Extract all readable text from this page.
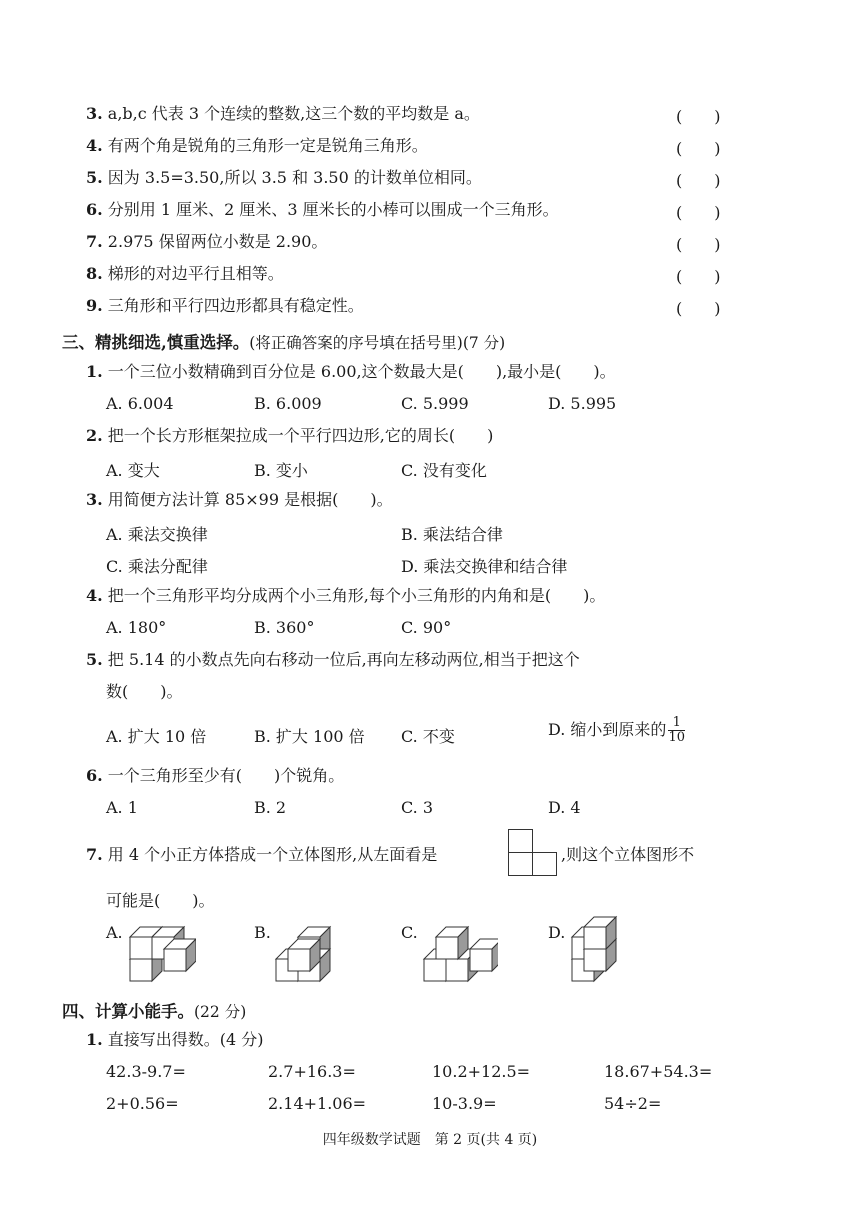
3. a,b,c 代表 3 个连续的整数,这三个数的平均数是 a。	(　　)
4. 有两个角是锐角的三角形一定是锐角三角形。	(　　)
5. 因为 3.5=3.50,所以 3.5 和 3.50 的计数单位相同。	(　　)
6. 分别用 1 厘米、2 厘米、3 厘米长的小棒可以围成一个三角形。	(　　)
7. 2.975 保留两位小数是 2.90。	(　　)
8. 梯形的对边平行且相等。	(　　)
9. 三角形和平行四边形都具有稳定性。	(　　)
三、精挑细选,慎重选择。(将正确答案的序号填在括号里)(7 分)
1. 一个三位小数精确到百分位是 6.00,这个数最大是(　　),最小是(　　)。
A. 6.004	B. 6.009	C. 5.999	D. 5.995
2. 把一个长方形框架拉成一个平行四边形,它的周长(　　)
A. 变大	B. 变小	C. 没有变化
3. 用简便方法计算 85×99 是根据(　　)。
A. 乘法交换律	B. 乘法结合律
C. 乘法分配律	D. 乘法交换律和结合律
4. 把一个三角形平均分成两个小三角形,每个小三角形的内角和是(　　)。
A. 180°	B. 360°	C. 90°
5. 把 5.14 的小数点先向右移动一位后,再向左移动两位,相当于把这个
数(　　)。
A. 扩大 10 倍	B. 扩大 100 倍 C. 不变	D. 缩小到原来的 $\frac{1}{10}$
6. 一个三角形至少有(　　)个锐角。
A. 1	B. 2	C. 3	D. 4
7. 用 4 个小正方体搭成一个立体图形,从左面看是	,则这个立体图形不
可能是(　　)。
A.	B.	C.	D.
四、计算小能手。(22 分)
1. 直接写出得数。(4 分)
42.3-9.7=	2.7+16.3=	10.2+12.5=	18.67+54.3=
2+0.56=	2.14+1.06=	10-3.9=	54÷2=
四年级数学试题　第 2 页(共 4 页)
